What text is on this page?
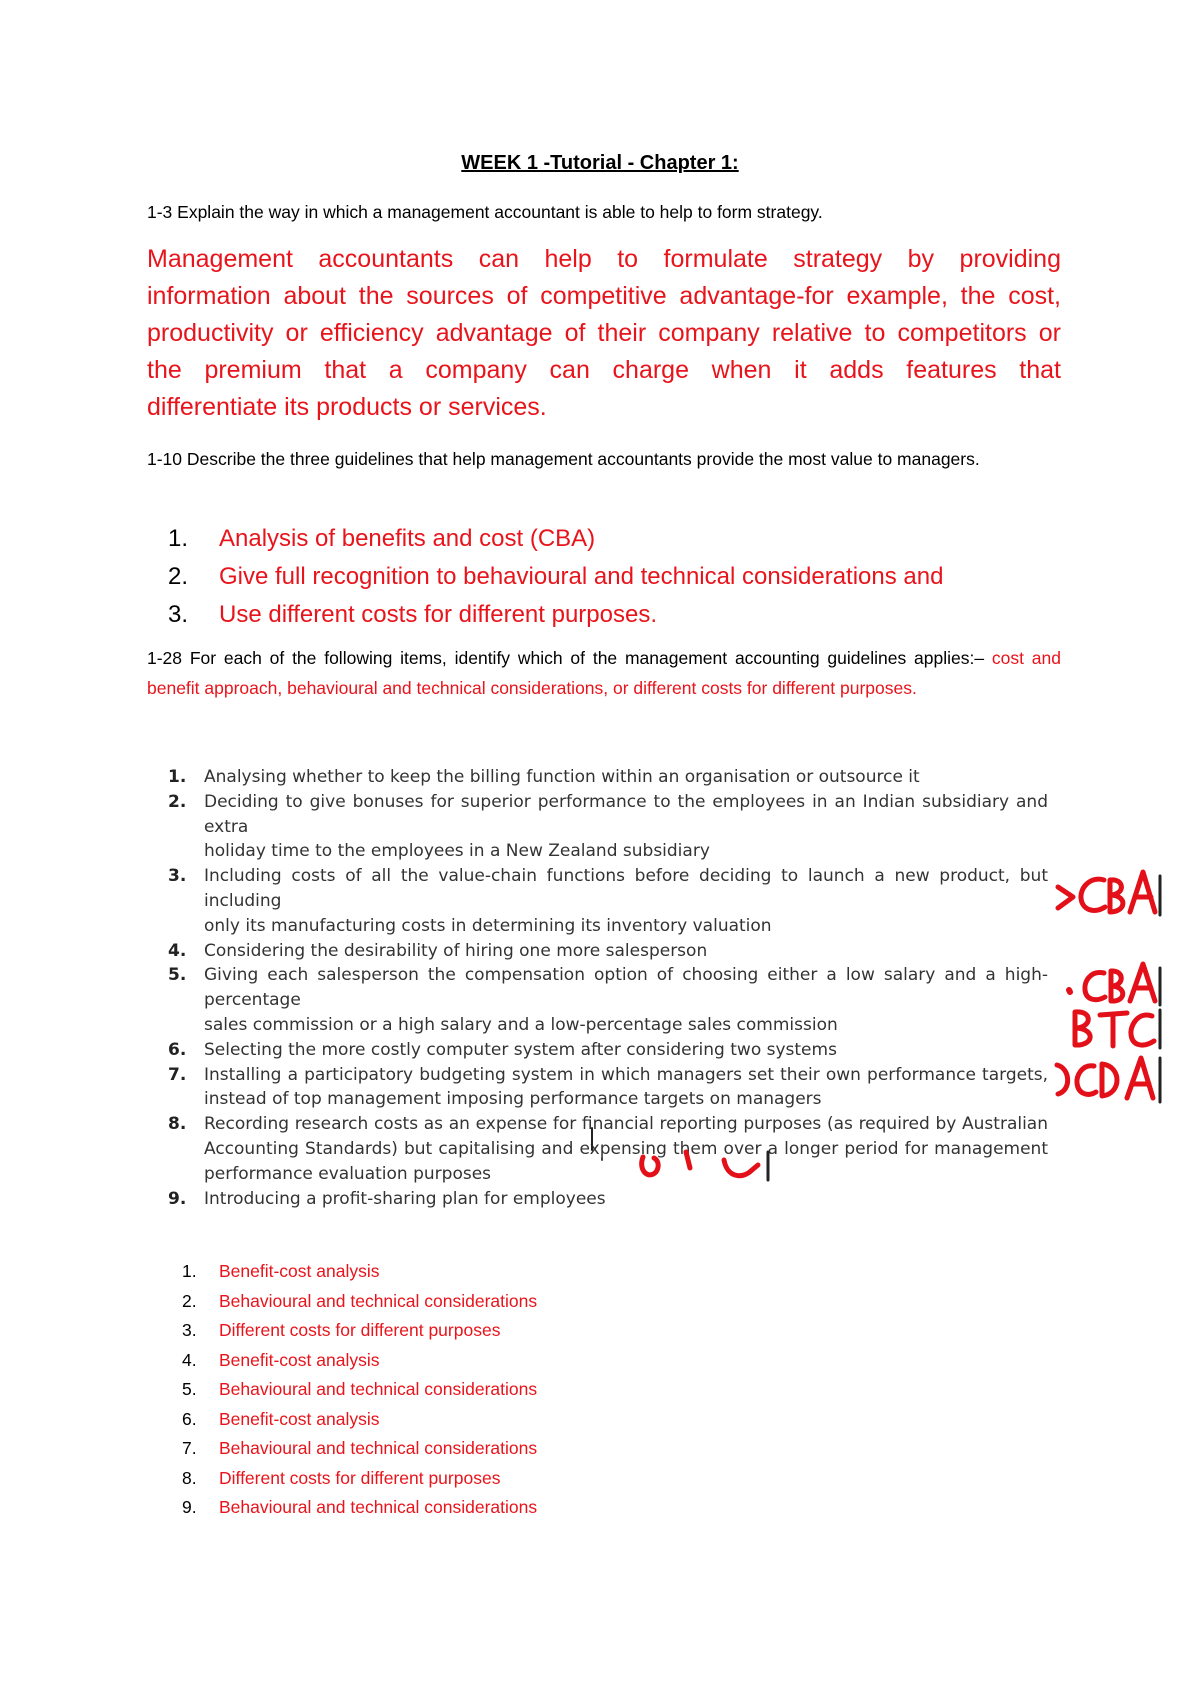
WEEK 1 -Tutorial - Chapter 1:
1-3 Explain the way in which a management accountant is able to help to form strategy.
Management accountants can help to formulate strategy by providing
information about the sources of competitive advantage-for example, the cost,
productivity or efficiency advantage of their company relative to competitors or
the premium that a company can charge when it adds features that
differentiate its products or services.
1-10 Describe the three guidelines that help management accountants provide the most value to managers.
1. Analysis of benefits and cost (CBA)
2. Give full recognition to behavioural and technical considerations and
3. Use different costs for different purposes.
1-28 For each of the following items, identify which of the management accounting guidelines applies:– cost and benefit approach, behavioural and technical considerations, or different costs for different purposes.
1. Analysing whether to keep the billing function within an organisation or outsource it
2. Deciding to give bonuses for superior performance to the employees in an Indian subsidiary and extra
holiday time to the employees in a New Zealand subsidiary
3. Including costs of all the value-chain functions before deciding to launch a new product, but including
only its manufacturing costs in determining its inventory valuation
4. Considering the desirability of hiring one more salesperson
5. Giving each salesperson the compensation option of choosing either a low salary and a high-percentage
sales commission or a high salary and a low-percentage sales commission
6. Selecting the more costly computer system after considering two systems
7. Installing a participatory budgeting system in which managers set their own performance targets,
instead of top management imposing performance targets on managers
8. Recording research costs as an expense for financial reporting purposes (as required by Australian
Accounting Standards) but capitalising and expensing them over a longer period for management
performance evaluation purposes
9. Introducing a profit-sharing plan for employees
1. Benefit-cost analysis
2. Behavioural and technical considerations
3. Different costs for different purposes
4. Benefit-cost analysis
5. Behavioural and technical considerations
6. Benefit-cost analysis
7. Behavioural and technical considerations
8. Different costs for different purposes
9. Behavioural and technical considerations
